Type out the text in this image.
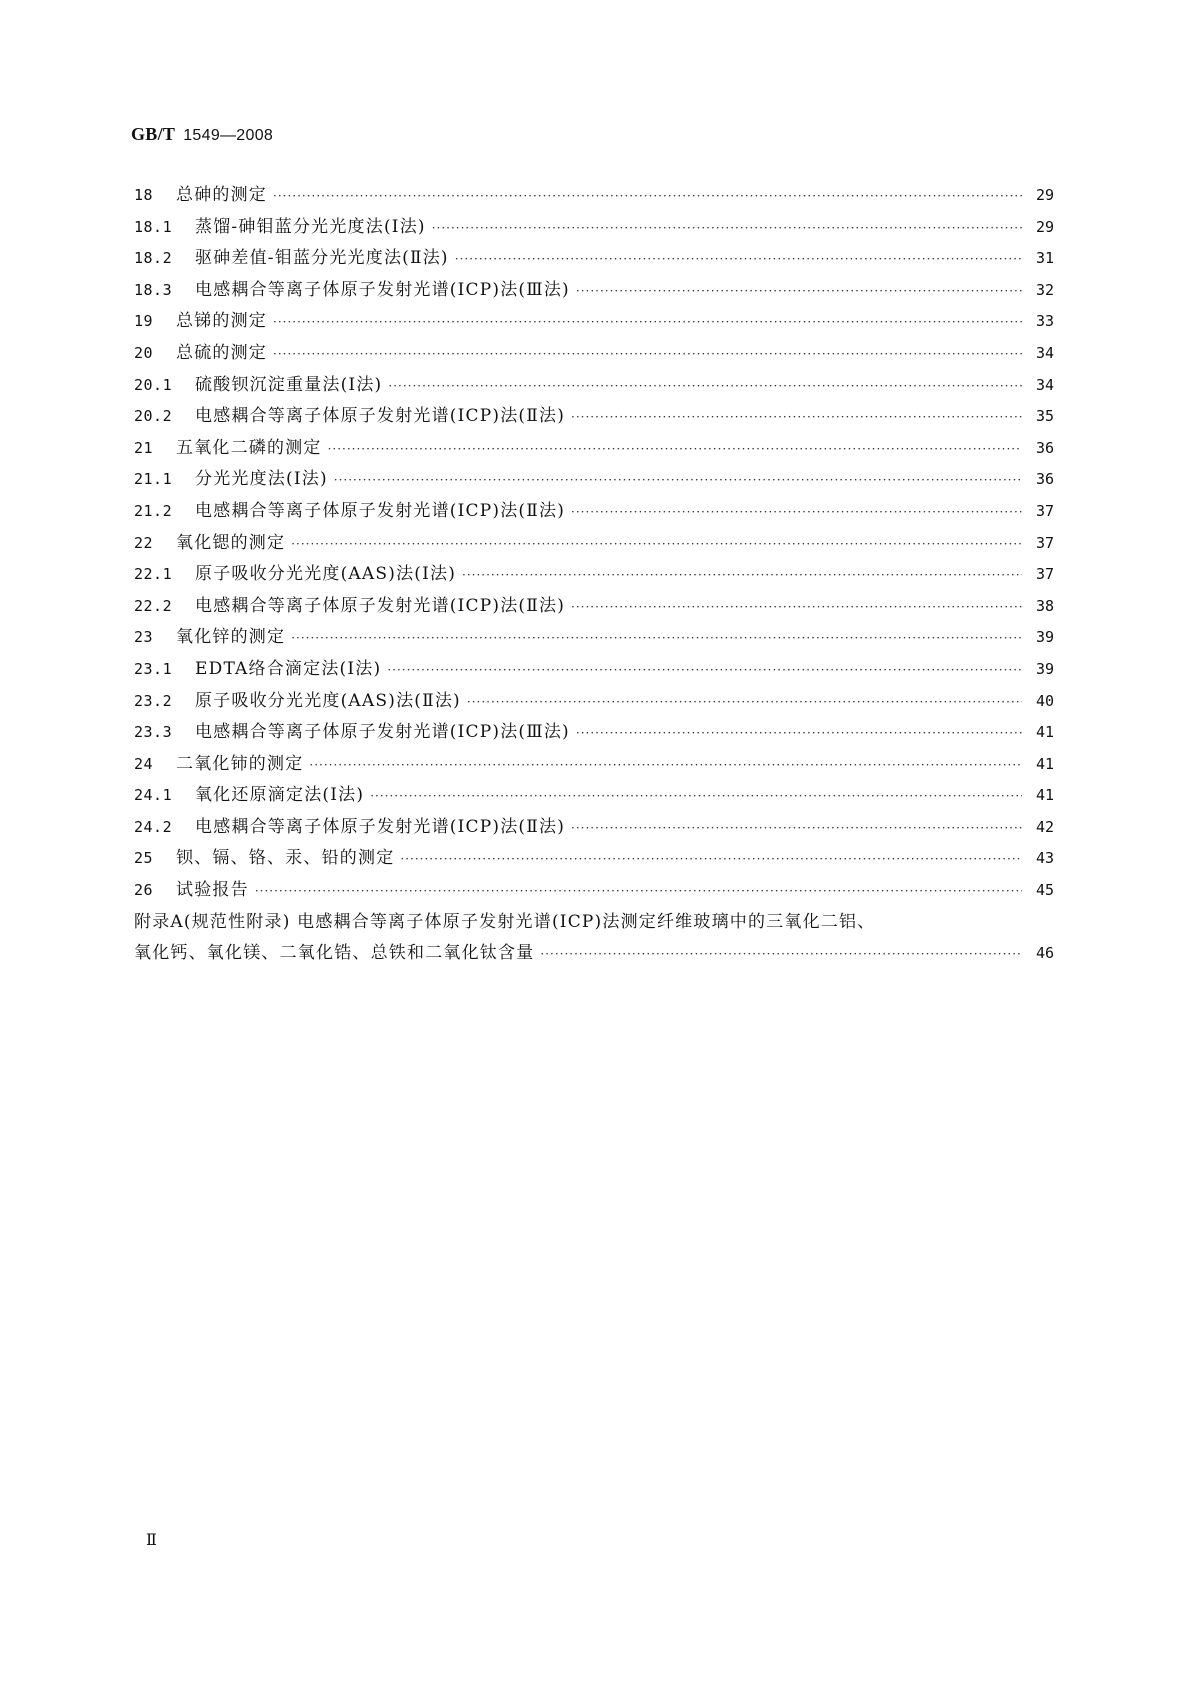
GB/T 1549—2008
18	总砷的测定 ·····	29
18.1	蒸馏-砷钼蓝分光光度法(Ⅰ法) ·····	29
18.2	驱砷差值-钼蓝分光光度法(Ⅱ法) ·····	31
18.3	电感耦合等离子体原子发射光谱(ICP)法(Ⅲ法) ·····	32
19	总锑的测定 ·····	33
20	总硫的测定 ·····	34
20.1	硫酸钡沉淀重量法(Ⅰ法) ·····	34
20.2	电感耦合等离子体原子发射光谱(ICP)法(Ⅱ法) ·····	35
21	五氧化二磷的测定 ·····	36
21.1	分光光度法(Ⅰ法) ·····	36
21.2	电感耦合等离子体原子发射光谱(ICP)法(Ⅱ法) ·····	37
22	氧化锶的测定 ·····	37
22.1	原子吸收分光光度(AAS)法(Ⅰ法) ·····	37
22.2	电感耦合等离子体原子发射光谱(ICP)法(Ⅱ法) ·····	38
23	氧化锌的测定 ·····	39
23.1	EDTA络合滴定法(Ⅰ法) ·····	39
23.2	原子吸收分光光度(AAS)法(Ⅱ法) ·····	40
23.3	电感耦合等离子体原子发射光谱(ICP)法(Ⅲ法) ·····	41
24	二氧化铈的测定 ·····	41
24.1	氧化还原滴定法(Ⅰ法) ·····	41
24.2	电感耦合等离子体原子发射光谱(ICP)法(Ⅱ法) ·····	42
25	钡、镉、铬、汞、铅的测定 ·····	43
26	试验报告 ·····	45
附录A(规范性附录) 电感耦合等离子体原子发射光谱(ICP)法测定纤维玻璃中的三氧化二铝、
氧化钙、氧化镁、二氧化锆、总铁和二氧化钛含量 ·····	46
Ⅱ
